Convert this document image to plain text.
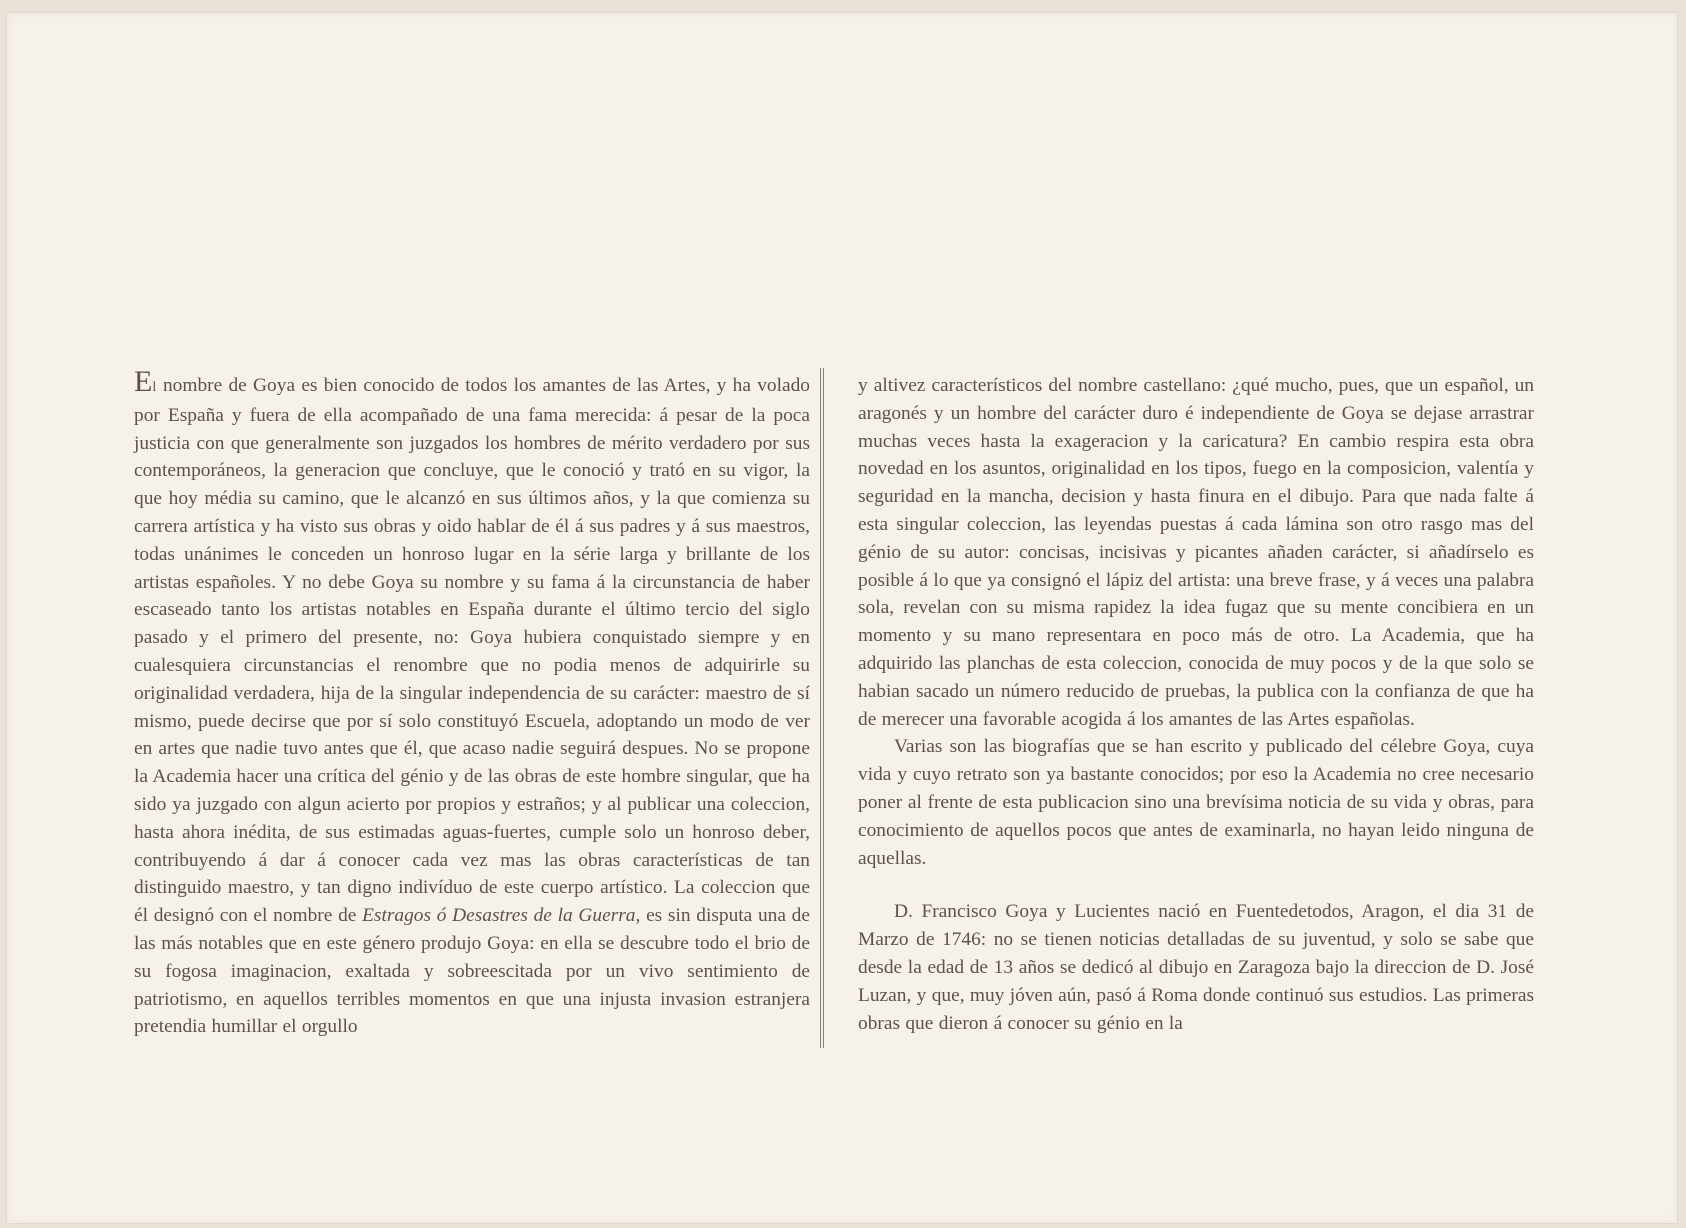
El nombre de Goya es bien conocido de todos los amantes de las Artes, y ha volado por España y fuera de ella acompañado de una fama merecida: á pesar de la poca justicia con que generalmente son juzgados los hombres de mérito verdadero por sus contemporáneos, la generacion que concluye, que le conoció y trató en su vigor, la que hoy média su camino, que le alcanzó en sus últimos años, y la que comienza su carrera artística y ha visto sus obras y oido hablar de él á sus padres y á sus maestros, todas unánimes le conceden un honroso lugar en la série larga y brillante de los artistas españoles. Y no debe Goya su nombre y su fama á la circunstancia de haber escaseado tanto los artistas notables en España durante el último tercio del siglo pasado y el primero del presente, no: Goya hubiera conquistado siempre y en cualesquiera circunstancias el renombre que no podia menos de adquirirle su originalidad verdadera, hija de la singular independencia de su carácter: maestro de sí mismo, puede decirse que por sí solo constituyó Escuela, adoptando un modo de ver en artes que nadie tuvo antes que él, que acaso nadie seguirá despues. No se propone la Academia hacer una crítica del génio y de las obras de este hombre singular, que ha sido ya juzgado con algun acierto por propios y estraños; y al publicar una coleccion, hasta ahora inédita, de sus estimadas aguas-fuertes, cumple solo un honroso deber, contribuyendo á dar á conocer cada vez mas las obras características de tan distinguido maestro, y tan digno indivíduo de este cuerpo artístico. La coleccion que él designó con el nombre de Estragos ó Desastres de la Guerra, es sin disputa una de las más notables que en este género produjo Goya: en ella se descubre todo el brio de su fogosa imaginacion, exaltada y sobreescitada por un vivo sentimiento de patriotismo, en aquellos terribles momentos en que una injusta invasion estranjera pretendia humillar el orgullo

y altivez característicos del nombre castellano: ¿qué mucho, pues, que un español, un aragonés y un hombre del carácter duro é independiente de Goya se dejase arrastrar muchas veces hasta la exageracion y la caricatura? En cambio respira esta obra novedad en los asuntos, originalidad en los tipos, fuego en la composicion, valentía y seguridad en la mancha, decision y hasta finura en el dibujo. Para que nada falte á esta singular coleccion, las leyendas puestas á cada lámina son otro rasgo mas del génio de su autor: concisas, incisivas y picantes añaden carácter, si añadírselo es posible á lo que ya consignó el lápiz del artista: una breve frase, y á veces una palabra sola, revelan con su misma rapidez la idea fugaz que su mente concibiera en un momento y su mano representara en poco más de otro. La Academia, que ha adquirido las planchas de esta coleccion, conocida de muy pocos y de la que solo se habian sacado un número reducido de pruebas, la publica con la confianza de que ha de merecer una favorable acogida á los amantes de las Artes españolas.

Varias son las biografías que se han escrito y publicado del célebre Goya, cuya vida y cuyo retrato son ya bastante conocidos; por eso la Academia no cree necesario poner al frente de esta publicacion sino una brevísima noticia de su vida y obras, para conocimiento de aquellos pocos que antes de examinarla, no hayan leido ninguna de aquellas.

D. Francisco Goya y Lucientes nació en Fuentedetodos, Aragon, el dia 31 de Marzo de 1746: no se tienen noticias detalladas de su juventud, y solo se sabe que desde la edad de 13 años se dedicó al dibujo en Zaragoza bajo la direccion de D. José Luzan, y que, muy jóven aún, pasó á Roma donde continuó sus estudios. Las primeras obras que dieron á conocer su génio en la
